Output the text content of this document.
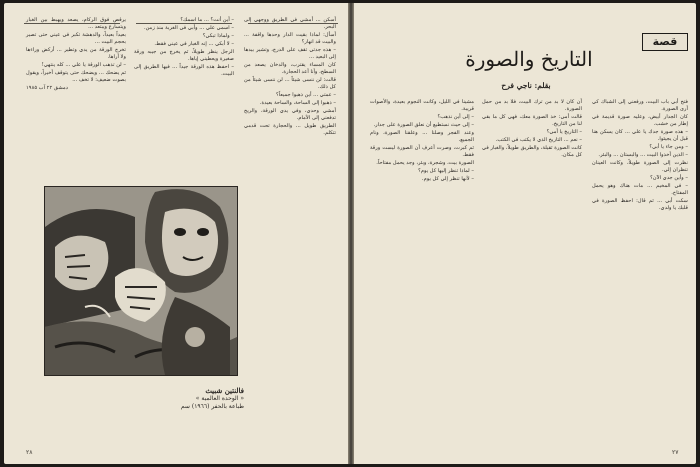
يرقص فوق الركام، يصعد ويهبط بين الغبار ويتسارع ويبتعد ...

بعيداً بعيداً، والدهشة تكبر في عيني حتى تصير بحجم البيت ...

تخرج الورقة من يدي وتطير ... أركض وراءها ولا أراها.

– لن تذهب الورقة يا علي ... كله ينتهي!

ثم يضحك ... ويضحك حتى يتوقف أخيراً، ويقول بصوت ضعيف: لا تخف ...

دمشق ٢٢ آب ١٩٨٥

– أين أنت؟ ... ما اسمك؟

– اسمي علي ... وأبي في الغربة منذ زمن.

– ولماذا تبكي؟

– لا أبكي ... إنه الغبار في عيني فقط.

الرجل ينظر طويلاً، ثم يخرج من جيبه ورقة صغيرة ويعطيني إياها.

– احفظ هذه الورقة جيداً ... فيها الطريق إلى البيت.

أسكن ... أمشي في الطريق ووجهي إلى البحر.

أسأل: لماذا بقيت الدار وحدها واقفة ... والبيت قد انهار؟

– هذه جدتي تقف على الدرج، وتشير بيدها إلى البعيد ...

كان المساء يقترب، والدخان يصعد من السطح، وأنا أعد الحجارة.

قالت: لن ننسى شيئاً ... لن ننسى شيئاً من كل ذلك.

– عمتي ... أين ذهبوا جميعاً؟

– ذهبوا إلى الساحة، والساحة بعيدة.

أمشي وحدي، وفي يدي الورقة، والريح تدفعني إلى الأمام.

الطريق طويل ... والحجارة تحت قدمي تتكلم.

فالنتين شبيث
« الوحدة العالمية »
طباعة بالحفر (١٩٦٦) سم
٢٨	٢٧
قصة
التاريخ والصورة
بقلم: ناجي فرح

فتح أبي باب البيت، ورفعني إلى الشباك كي أرى الصورة.

كان الجدار أبيض، وعليه صورة قديمة في إطار من خشب.

– هذه صورة جدك يا علي ... كان يسكن هنا قبل أن يجيئوا.

– ومن جاء يا أبي؟

– الذين أخذوا البيت ... والبستان ... والبئر.

نظرت إلى الصورة طويلاً، وكانت العينان تنظران إلي.

– وأين جدي الآن؟

– في المخيم ... مات هناك وهو يحمل المفتاح.

سكت أبي ... ثم قال: احفظ الصورة في قلبك يا ولدي.

أن كان لا بد من ترك البيت، فلا بد من حمل الصورة.

قالت أمي: خذ الصورة معك، فهي كل ما بقي لنا من التاريخ.

– التاريخ يا أمي؟

– نعم ... التاريخ الذي لا يكتب في الكتب.

كانت الصورة ثقيلة، والطريق طويلاً، والغبار في كل مكان.

مشينا في الليل، وكانت النجوم بعيدة، والأصوات قريبة.

– إلى أين نذهب؟

– إلى حيث نستطيع أن نعلق الصورة على جدار.

وعند الفجر وصلنا ... وعلقنا الصورة، ونام الجميع.

ثم كبرت، وصرت أعرف أن الصورة ليست ورقة فقط.

الصورة بيت، وشجرة، وبئر، وجد يحمل مفتاحاً.

– لماذا تنظر إليها كل يوم؟

– لأنها تنظر إلي كل يوم.
